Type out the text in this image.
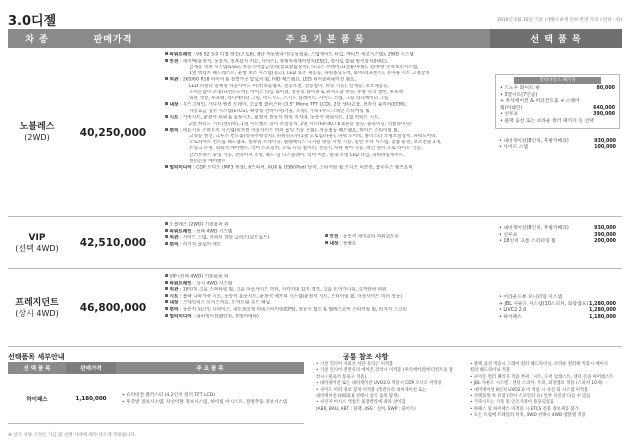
3.0디젤	2016년 2월 16일 기준 (개별소비세 인하 반영 가격 / 단위 : 원)
차 종	판매가격	주 요 기 본 품 목	선 택 품 목
노블레스
(2WD)	40,250,000

파워트레인 : V6 S2 3.0 디젤 엔진(오토6), 8단 자동변속기(수동겸용, 스텝게이트 타입, 액티브 에코시스템), 2WD 시스템

안전 : 에어백(운전석, 동승석, 전복감지 커튼, 사이드), 차체자세제어장치(ESC), 경사로 밀림 방지장치(HAC),

급제동 경보 시스템(ESS), 차동기어잠금장치(험로탈출장치), 다크스 브레이크(전륜/후륜), 전/후방 주차보조시스템,

1열 액티브 헤드레스트, 운행 보조 시스템(경고), LED 보조 제동등, 파워폴딩도어, 와이퍼(프론트), 유아용 시트 고정장치

외관 : 265/60 R18 타이어 & 전면가공 알로이 휠, HID 헤드램프, LED 리어콤비네이션 램프,

LED 러쉬터 일체형 아웃사이드 미러(퍼들램프, 전동조절, 전동접이, 히팅 기능), 안개등, 보조제동등,

도어손잡이 조명(프런트도어), 아이스 타입 와이퍼, 앞유리 와이퍼 & 워셔노즐 히팅, 후방 유리 열선, 루프랙

외관 색상, 루프랙, 라디에이터 그릴, 머드가드, 스키드 플레이트, 사이드 스텝, 그릴 라디에이터 그릴

내장 : 우드그레인, 가디자 엔진 트레이, 고급형 클러스터 (3.5" Mono TFT LCD), 2단 센터콘솔, 전자식 룸미러(ECM),

자동요금 징수 시스템(ETCS), 확장형 선바이저(거울, 조명), 가죽+우드그레인 스티어링 휠

시트 : 가죽시트, 운전석 파워 & 통풍시트, 운전석 전동식 허리 지지대, 동승석 파워시트, 1열 히티드 시트,

2열 히티드 시트(센터쪽), 1열 시트벨트 높이 조절장치, 2열 시트(60:40 / 6:4분할 폴딩, 슬라이딩, 리클라이닝)

편의 : 버튼시동 스마트키 시스템(리모컨 아웃사이드 미러 폴딩 기능 포함), 자동점등 헤드램프, 하이드 스티어링 휠,

고성능 엔진, 크루즈 컨트롤(영속주행장치), 파워윈도우(1열 오토업/다운), 파워 도어록, 클러스터 조명조절장치, 파워도어락,

오토라이트 컨트롤 헤드램프, 풋파워 트레이닝, 텔레메틱스 디지털 방송 시청 기능, 일반 주차 시스템, 맞춤 운전, 보조전원 2개,

트렁크 조명, 뒷좌석 에어벤트, 리어 스포일러, 오토 디밍 룸미러, 전동식 자세 제어 기능, 레인 센서 오토 라이트 기능,

글러브박스 쿨링 기능, 선바이저 조명, 헤드 업 디스플레이, 리어 커튼, 실내 조명 LED 타입, 파워테일게이트,

센터콘솔 에어벤트

멀티미디어 : CDP 오디오 (MP3 재생), 6스피커, AUX & USB(iPod) 단자, 스티어링 휠 오디오 리모컨, 블루투스 핸즈프리

컨비니언스 패키지
• 스노우 화이트 펄	80,000
• 3열시트(7인승)
+ 후석에어컨 & 히터컨트롤 + 스페어
휠(미쉐린)	640,000
• 선루프	390,000
• 블랙 옵션 또는 브라운 컬러 패키지 등 선택
• 내비게이션(8인치, 후방카메라)	930,000
• 사이드 스텝	100,000
VIP
(선택 4WD)	42,510,000

노블레스 (2WD) 기본품목 외

파워트레인 : 선택 4WD 시스템

외관 : 사이드 스텝, 자외선 차단 글라스(윈드실드)

편의 : 러기지 플로어 매트

안전 : 동승석 세이프티 파워윈도우

내장 : 풋램프

• 내비게이션(8인치, 후방카메라)	930,000
• 선루프	390,000
• 18인치 크롬 스퍼터링 휠	200,000
프레지던트
(상시 4WD)	46,800,000

VIP (선택 4WD) 기본품목 외

파워트레인 : 상시 4WD 시스템

외관 : 18인치 크롬 스퍼터링 휠, 크롬 아웃사이드 미러, 사각지대 감지 경보, 크롬 도어가니쉬, 호박잔바 파워

시트 : 블랙 나파가죽 시트, 동승석 통풍시트, 운전석 메모리 시스템(운전석 시트, 스티어링 휠, 아웃사이드 미러 연동)

내장 : 스테인리스 도어스커프, 도어트림 우드 패널

편의 : 동승석 워크인 디바이스, 속도감응형 파워스티어링(EPS), 전동식 틸트 & 텔레스코픽 스티어링 휠, 러기지 스크린

멀티미디어 : 내비게이션(8인치, 후방카메라)

• 어라운드뷰 모니터링 시스템
+ JBL 사운드 시스템(10스피커, 외장앰프) 1,280,000
• LIVC2 2.0	1,280,000
• 하이패스	1,180,000
선택품목 세부안내
선 택 품 목	판매가격	주 요 품 목
하이패스	1,180,000

• 슈퍼비전 클러스터 (4.2인치 컬러 TFT LCD)

• 후측방 경보시스템, 차선이탈 경보시스템, 하이빔 어시스트, 전방추돌 경보시스템

공통 참조 사항

• 기상 인티어 자외선 차단 유리는 미적용

• 기상 인티어 전면유리 에어콘 장착시 미적용 (후석에어컨/히터컨트롤 장

착시 / 블로어 통풍구 적용)

• 내비게이션 또는 내비게이션 UVO2.0 적용시 CDP 오디오 미적용

• 사이드 미러 경보 장치 미적용 (측면유리 내비게이션 또는

내비게이션 UVO2.0 선택시 상기 품목 탑재)

• 사각지 어시스 색상은 외장칼라에 따라 상이함

(ABP, BAU, ABT : 블랙, 4SS : 실버, SWP : 화이트)

• 블랙 옵션 적용시 그레이 컬러 헤드라이닝, 브라운 컬러팩 적용시 베이지

컬러 헤드라이닝 적용

• 파이온 컬러 패키지 적용 부위 : 시트, 도어 암레스트, 센터 콘솔 아머레스트

• JBL 사운드 시스템 : 센터 스피커, 우퍼, 외장앰프 적용 (스피커 10개)

• 내비게이션 8인치 UVO2.0 미 적용 시 사진 외 시스템 미적용

• 선택품목 차 유형 (리어 스포일러 등) 일부 사진과 다를 수 있음

• 가죽시트는 가죽 및 인조가죽이 혼용되었음

• 하패스 및 하이패스 미적용 시 ETCS 전용 정보제공 불가

• 모든 트림에 트레일러 히치, 4WD 선택시 4WD 엠블렘 적용

※ 상기 사양 구성은 가감 및 선택 사양에 따라 다르게 적용됩니다.
